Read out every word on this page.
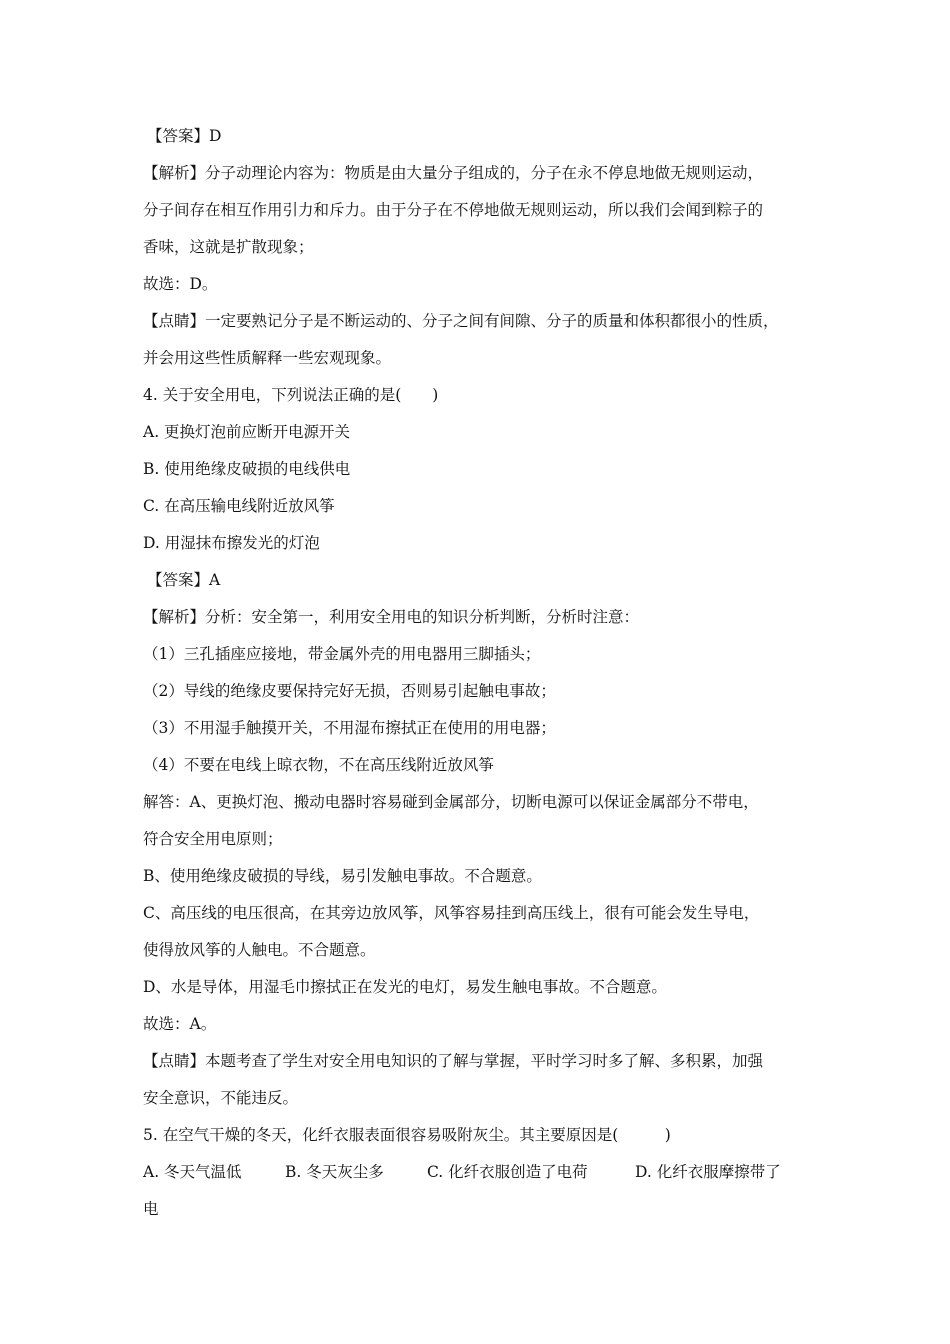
【答案】D
【解析】分子动理论内容为：物质是由大量分子组成的，分子在永不停息地做无规则运动，
分子间存在相互作用引力和斥力。由于分子在不停地做无规则运动，所以我们会闻到粽子的
香味，这就是扩散现象；
故选：D。
【点睛】一定要熟记分子是不断运动的、分子之间有间隙、分子的质量和体积都很小的性质，
并会用这些性质解释一些宏观现象。
4. 关于安全用电，下列说法正确的是(　　)
A. 更换灯泡前应断开电源开关
B. 使用绝缘皮破损的电线供电
C. 在高压输电线附近放风筝
D. 用湿抹布擦发光的灯泡
【答案】A
【解析】分析：安全第一，利用安全用电的知识分析判断，分析时注意：
（1）三孔插座应接地，带金属外壳的用电器用三脚插头；
（2）导线的绝缘皮要保持完好无损，否则易引起触电事故；
（3）不用湿手触摸开关，不用湿布擦拭正在使用的用电器；
（4）不要在电线上晾衣物，不在高压线附近放风筝
解答：A、更换灯泡、搬动电器时容易碰到金属部分，切断电源可以保证金属部分不带电，
符合安全用电原则；
B、使用绝缘皮破损的导线，易引发触电事故。不合题意。
C、高压线的电压很高，在其旁边放风筝，风筝容易挂到高压线上，很有可能会发生导电，
使得放风筝的人触电。不合题意。
D、水是导体，用湿毛巾擦拭正在发光的电灯，易发生触电事故。不合题意。
故选：A。
【点睛】本题考查了学生对安全用电知识的了解与掌握，平时学习时多了解、多积累，加强
安全意识，不能违反。
5. 在空气干燥的冬天，化纤衣服表面很容易吸附灰尘。其主要原因是(　　　)
A. 冬天气温低	B. 冬天灰尘多	C. 化纤衣服创造了电荷	D. 化纤衣服摩擦带了
电
